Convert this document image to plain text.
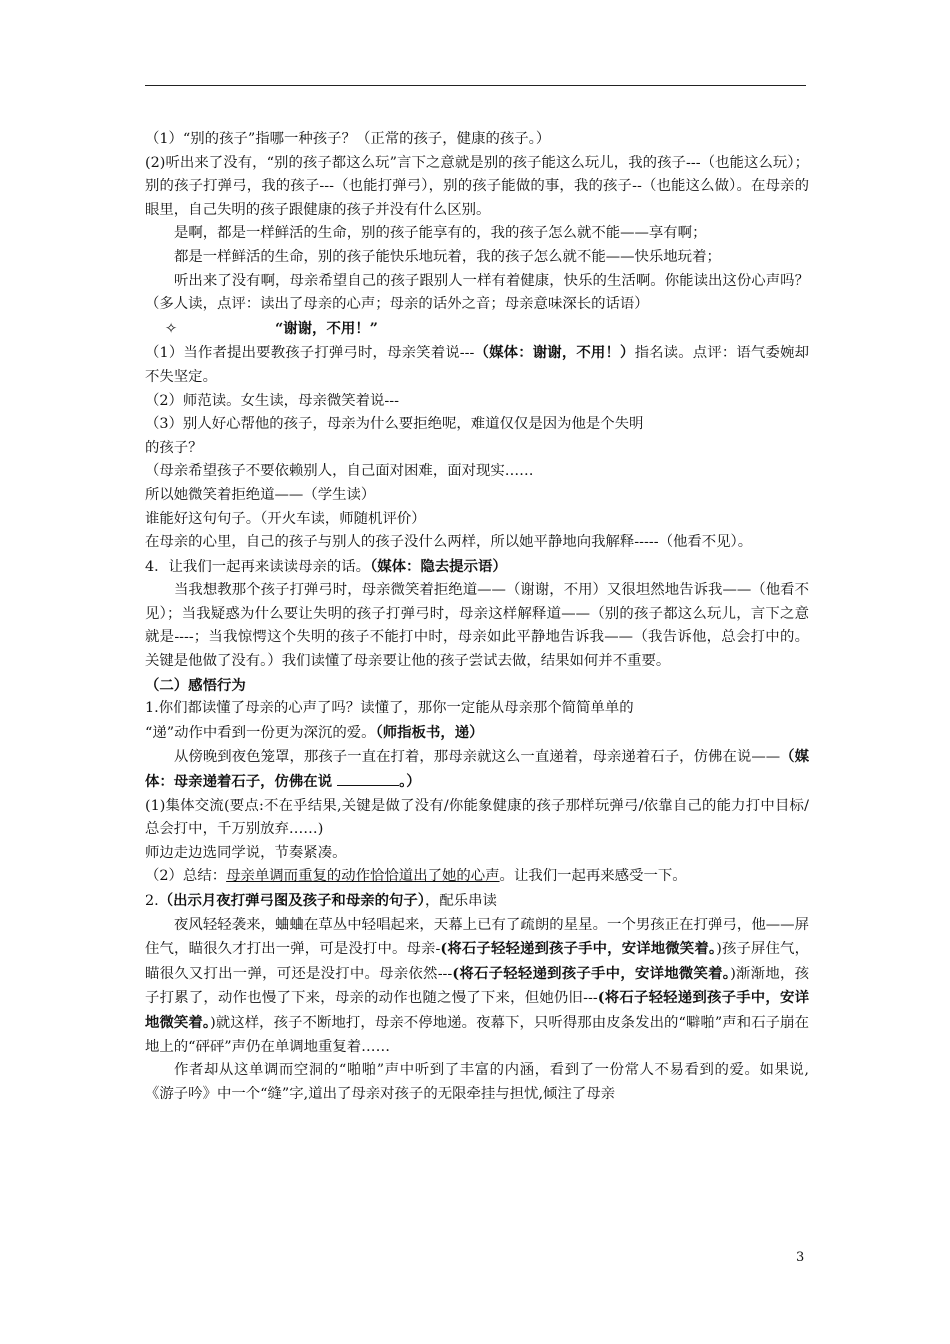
（1）“别的孩子”指哪一种孩子？（正常的孩子，健康的孩子。）

(2)听出来了没有，“别的孩子都这么玩”言下之意就是别的孩子能这么玩儿，我的孩子---（也能这么玩）；别的孩子打弹弓，我的孩子---（也能打弹弓），别的孩子能做的事，我的孩子--（也能这么做）。在母亲的眼里，自己失明的孩子跟健康的孩子并没有什么区别。

是啊，都是一样鲜活的生命，别的孩子能享有的，我的孩子怎么就不能——享有啊；

都是一样鲜活的生命，别的孩子能快乐地玩着，我的孩子怎么就不能——快乐地玩着；

听出来了没有啊，母亲希望自己的孩子跟别人一样有着健康，快乐的生活啊。你能读出这份心声吗？（多人读，点评：读出了母亲的心声；母亲的话外之音；母亲意味深长的话语）

✧	“谢谢，不用！”

（1）当作者提出要教孩子打弹弓时，母亲笑着说---（媒体：谢谢，不用！）指名读。点评：语气委婉却不失坚定。

（2）师范读。女生读，母亲微笑着说---

（3）别人好心帮他的孩子，母亲为什么要拒绝呢，难道仅仅是因为他是个失明

的孩子？

（母亲希望孩子不要依赖别人，自己面对困难，面对现实……

所以她微笑着拒绝道——（学生读）

谁能好这句句子。（开火车读，师随机评价）

在母亲的心里，自己的孩子与别人的孩子没什么两样，所以她平静地向我解释-----（他看不见）。

4．让我们一起再来读读母亲的话。（媒体：隐去提示语）

当我想教那个孩子打弹弓时，母亲微笑着拒绝道——（谢谢，不用）又很坦然地告诉我——（他看不见）；当我疑惑为什么要让失明的孩子打弹弓时，母亲这样解释道——（别的孩子都这么玩儿，言下之意就是----；当我惊愕这个失明的孩子不能打中时，母亲如此平静地告诉我——（我告诉他，总会打中的。关键是他做了没有。）我们读懂了母亲要让他的孩子尝试去做，结果如何并不重要。

（二）感悟行为

1.你们都读懂了母亲的心声了吗？读懂了，那你一定能从母亲那个简简单单的

“递”动作中看到一份更为深沉的爱。（师指板书，递）

从傍晚到夜色笼罩，那孩子一直在打着，那母亲就这么一直递着，母亲递着石子，仿佛在说——（媒体：母亲递着石子，仿佛在说	。）

(1)集体交流(要点:不在乎结果,关键是做了没有/你能象健康的孩子那样玩弹弓/依靠自己的能力打中目标/总会打中，千万别放弃……)

师边走边选同学说，节奏紧凑。

（2）总结：母亲单调而重复的动作恰恰道出了她的心声。让我们一起再来感受一下。

2.（出示月夜打弹弓图及孩子和母亲的句子），配乐串读

夜风轻轻袭来，蛐蛐在草丛中轻唱起来，天幕上已有了疏朗的星星。一个男孩正在打弹弓，他——屏住气，瞄很久才打出一弹，可是没打中。母亲-(将石子轻轻递到孩子手中，安详地微笑着。)孩子屏住气，瞄很久又打出一弹，可还是没打中。母亲依然---(将石子轻轻递到孩子手中，安详地微笑着。)渐渐地，孩子打累了，动作也慢了下来，母亲的动作也随之慢了下来，但她仍旧---(将石子轻轻递到孩子手中，安详地微笑着。)就这样，孩子不断地打，母亲不停地递。夜幕下，只听得那由皮条发出的“噼啪”声和石子崩在地上的“砰砰”声仍在单调地重复着……

作者却从这单调而空洞的“啪啪”声中听到了丰富的内涵，看到了一份常人不易看到的爱。如果说,《游子吟》中一个“缝”字,道出了母亲对孩子的无限牵挂与担忧,倾注了母亲

3
